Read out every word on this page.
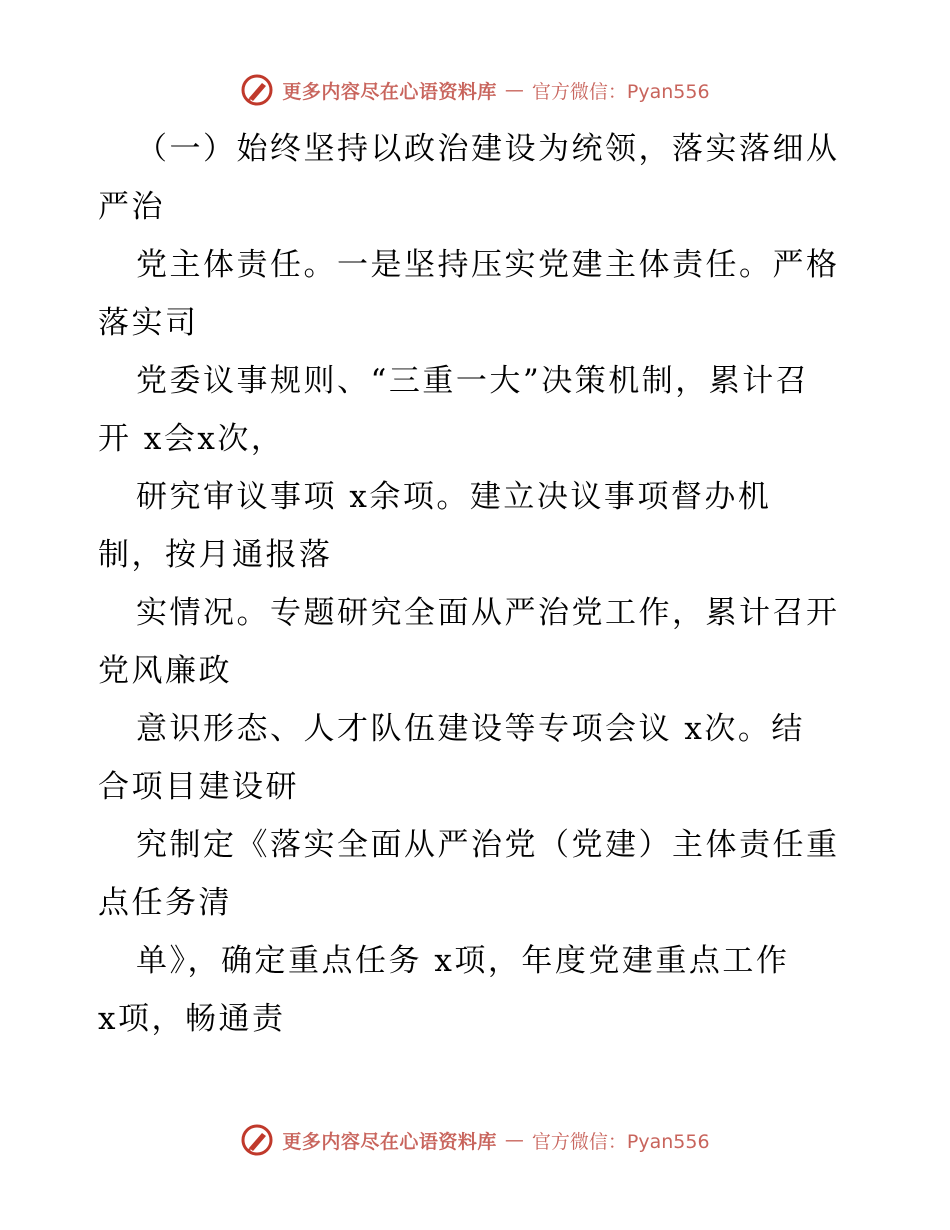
更多内容尽在心语资料库 — 官方微信：Pyan556
（一）始终坚持以政治建设为统领，落实落细从
严治
党主体责任。一是坚持压实党建主体责任。严格
落实司
党委议事规则、“三重一大”决策机制，累计召
开 x会x次，
研究审议事项 x余项。建立决议事项督办机
制，按月通报落
实情况。专题研究全面从严治党工作，累计召开
党风廉政
意识形态、人才队伍建设等专项会议 x次。结
合项目建设研
究制定《落实全面从严治党（党建）主体责任重
点任务清
单》，确定重点任务 x项，年度党建重点工作
x项，畅通责
更多内容尽在心语资料库 — 官方微信：Pyan556
